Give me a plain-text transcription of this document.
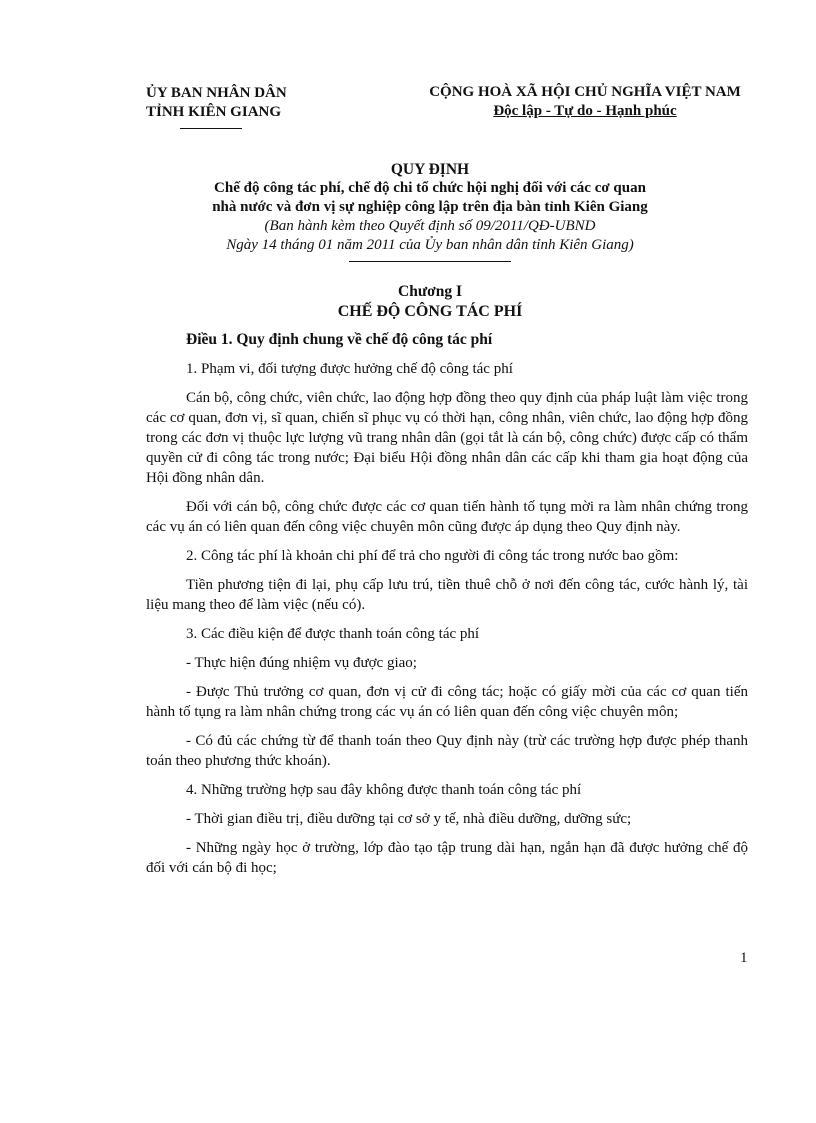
ỦY BAN NHÂN DÂN
TỈNH KIÊN GIANG
CỘNG HOÀ XÃ HỘI CHỦ NGHĨA VIỆT NAM
Độc lập - Tự do - Hạnh phúc
QUY ĐỊNH
Chế độ công tác phí, chế độ chi tổ chức hội nghị đối với các cơ quan
nhà nước và đơn vị sự nghiệp công lập trên địa bàn tỉnh Kiên Giang
(Ban hành kèm theo Quyết định số 09/2011/QĐ-UBND
Ngày 14 tháng 01 năm 2011 của Ủy ban nhân dân tỉnh Kiên Giang)
Chương I
CHẾ ĐỘ CÔNG TÁC PHÍ

Điều 1. Quy định chung về chế độ công tác phí

1. Phạm vi, đối tượng được hưởng chế độ công tác phí

Cán bộ, công chức, viên chức, lao động hợp đồng theo quy định của pháp luật làm việc trong các cơ quan, đơn vị, sĩ quan, chiến sĩ phục vụ có thời hạn, công nhân, viên chức, lao động hợp đồng trong các đơn vị thuộc lực lượng vũ trang nhân dân (gọi tắt là cán bộ, công chức) được cấp có thẩm quyền cử đi công tác trong nước; Đại biểu Hội đồng nhân dân các cấp khi tham gia hoạt động của Hội đồng nhân dân.

Đối với cán bộ, công chức được các cơ quan tiến hành tố tụng mời ra làm nhân chứng trong các vụ án có liên quan đến công việc chuyên môn cũng được áp dụng theo Quy định này.

2. Công tác phí là khoản chi phí để trả cho người đi công tác trong nước bao gồm:

Tiền phương tiện đi lại, phụ cấp lưu trú, tiền thuê chỗ ở nơi đến công tác, cước hành lý, tài liệu mang theo để làm việc (nếu có).

3. Các điều kiện để được thanh toán công tác phí

- Thực hiện đúng nhiệm vụ được giao;

- Được Thủ trưởng cơ quan, đơn vị cử đi công tác; hoặc có giấy mời của các cơ quan tiến hành tố tụng ra làm nhân chứng trong các vụ án có liên quan đến công việc chuyên môn;

- Có đủ các chứng từ để thanh toán theo Quy định này (trừ các trường hợp được phép thanh toán theo phương thức khoán).

4. Những trường hợp sau đây không được thanh toán công tác phí

- Thời gian điều trị, điều dưỡng tại cơ sở y tế, nhà điều dưỡng, dưỡng sức;

- Những ngày học ở trường, lớp đào tạo tập trung dài hạn, ngắn hạn đã được hưởng chế độ đối với cán bộ đi học;

1
